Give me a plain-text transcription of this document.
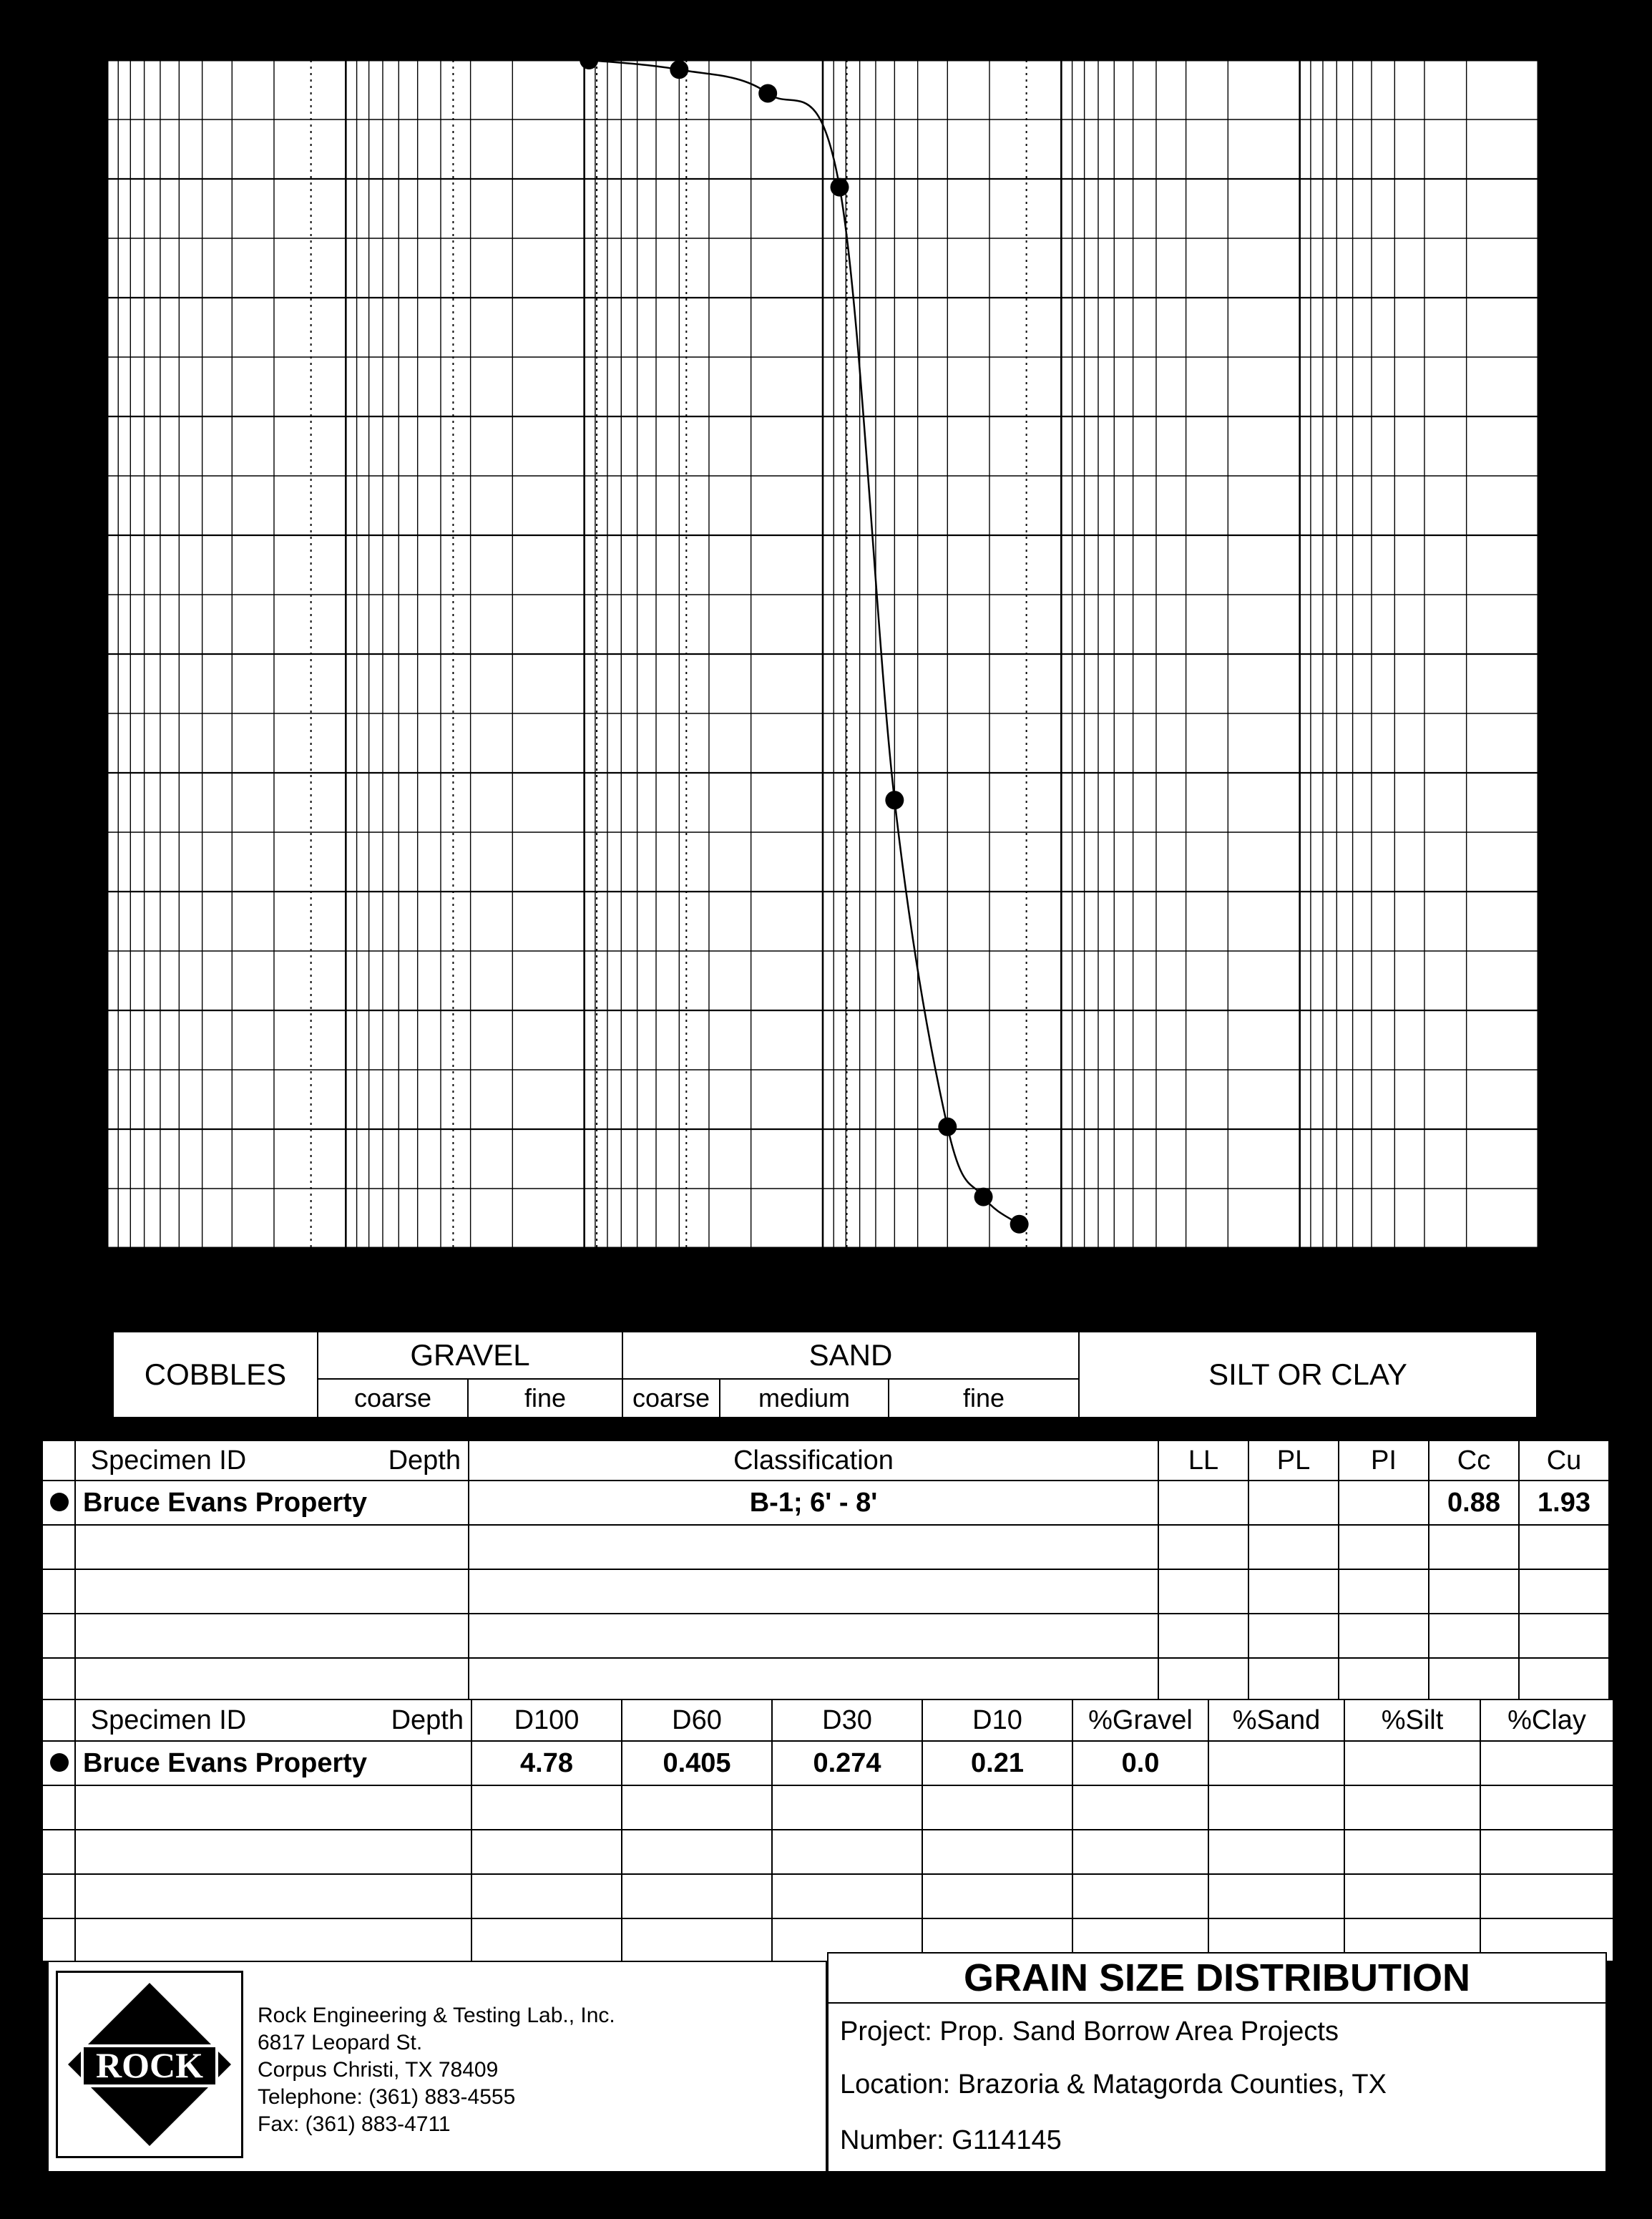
COBBLES	GRAVEL		SAND			SILT OR CLAY
	coarse	fine	coarse	medium	fine	
	Specimen ID	Depth	Classification	LL	PL	PI	Cc	Cu
	Bruce Evans Property		B-1; 6' - 8'				0.88	1.93

	Specimen ID	Depth	D100	D60	D30	D10	%Gravel	%Sand	%Silt	%Clay
	Bruce Evans Property		4.78	0.405	0.274	0.21	0.0			

ROCK
Rock Engineering & Testing Lab., Inc.
6817 Leopard St.
Corpus Christi, TX 78409
Telephone: (361) 883-4555
Fax: (361) 883-4711
GRAIN SIZE DISTRIBUTION
Project: Prop. Sand Borrow Area Projects
Location: Brazoria & Matagorda Counties, TX
Number: G114145
